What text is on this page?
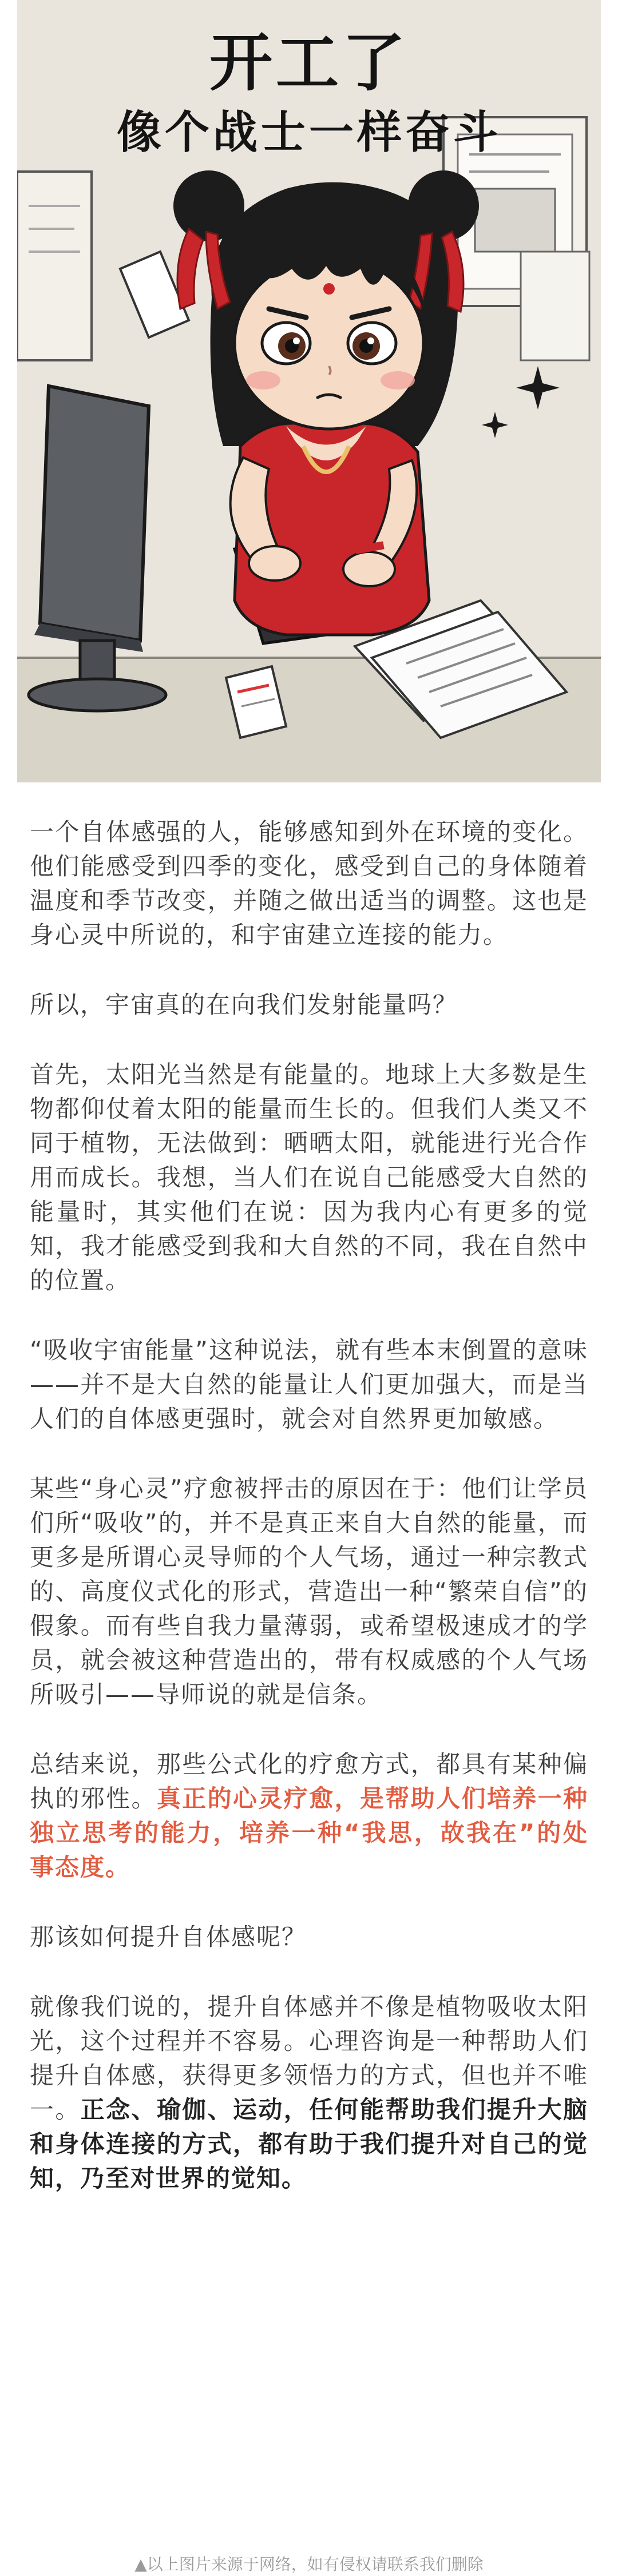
开工了
像个战士一样奋斗

一个自体感强的人，能够感知到外在环境的变化。他们能感受到四季的变化，感受到自己的身体随着温度和季节改变，并随之做出适当的调整。这也是身心灵中所说的，和宇宙建立连接的能力。

所以，宇宙真的在向我们发射能量吗？

首先，太阳光当然是有能量的。地球上大多数是生物都仰仗着太阳的能量而生长的。但我们人类又不同于植物，无法做到：晒晒太阳，就能进行光合作用而成长。我想，当人们在说自己能感受大自然的能量时，其实他们在说：因为我内心有更多的觉知，我才能感受到我和大自然的不同，我在自然中的位置。

“吸收宇宙能量”这种说法，就有些本末倒置的意味——并不是大自然的能量让人们更加强大，而是当人们的自体感更强时，就会对自然界更加敏感。

某些“身心灵”疗愈被抨击的原因在于：他们让学员们所“吸收”的，并不是真正来自大自然的能量，而更多是所谓心灵导师的个人气场，通过一种宗教式的、高度仪式化的形式，营造出一种“繁荣自信”的假象。而有些自我力量薄弱，或希望极速成才的学员，就会被这种营造出的，带有权威感的个人气场所吸引——导师说的就是信条。

总结来说，那些公式化的疗愈方式，都具有某种偏执的邪性。真正的心灵疗愈，是帮助人们培养一种独立思考的能力，培养一种“我思，故我在”的处事态度。

那该如何提升自体感呢？

就像我们说的，提升自体感并不像是植物吸收太阳光，这个过程并不容易。心理咨询是一种帮助人们提升自体感，获得更多领悟力的方式，但也并不唯一。正念、瑜伽、运动，任何能帮助我们提升大脑和身体连接的方式，都有助于我们提升对自己的觉知，乃至对世界的觉知。

▲以上图片来源于网络，如有侵权请联系我们删除
